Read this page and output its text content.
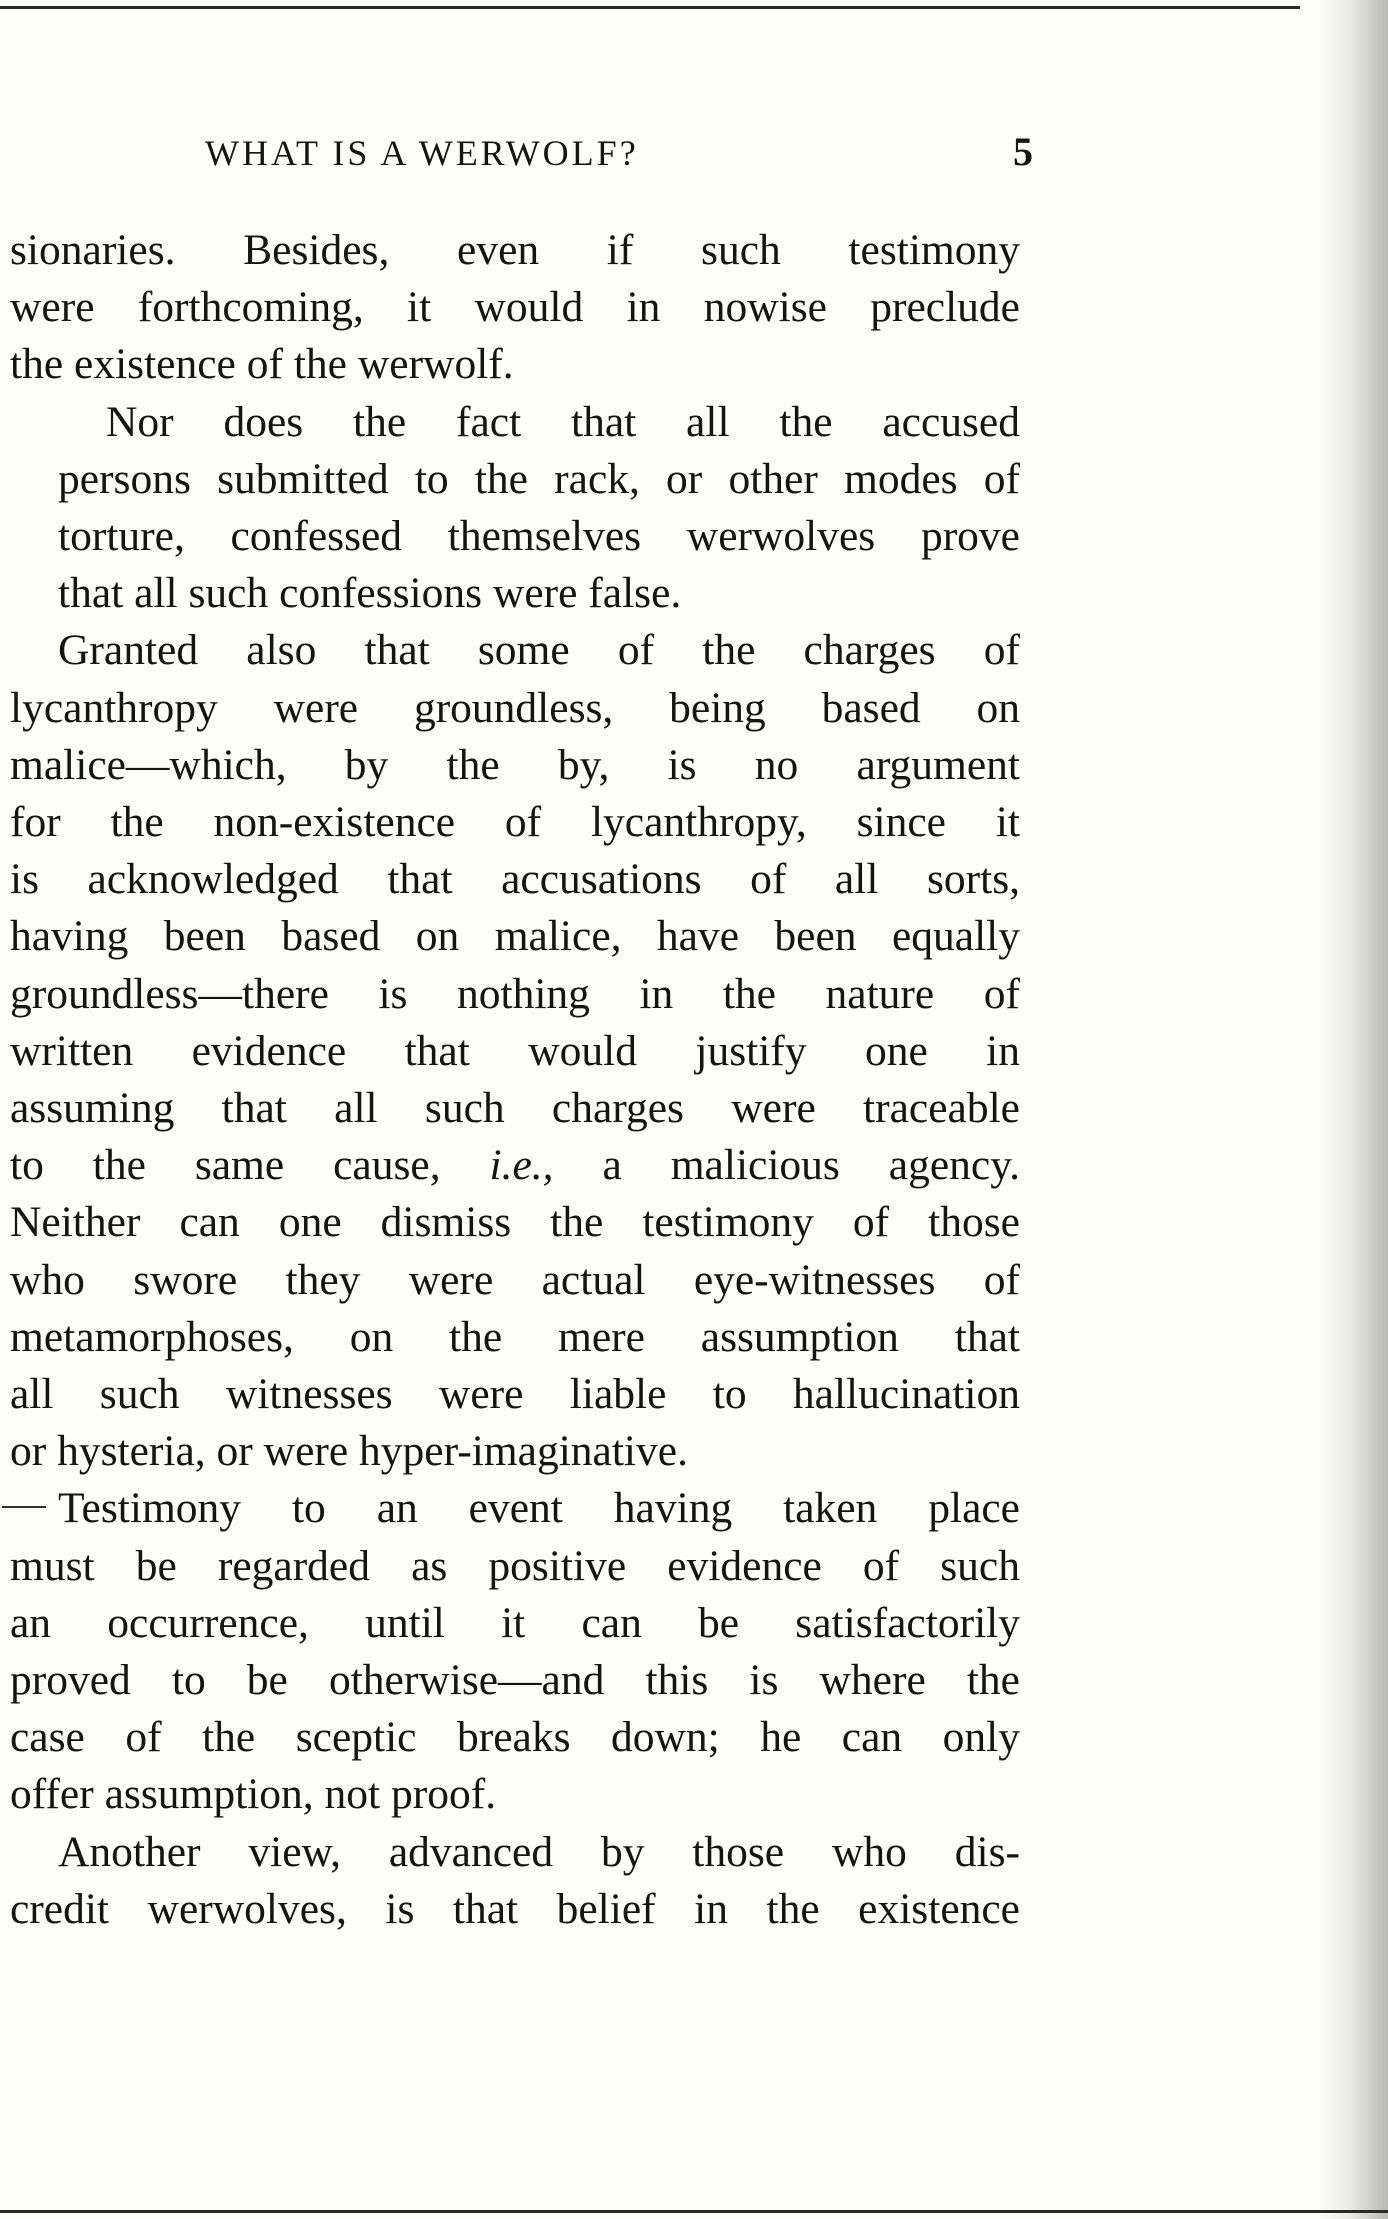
WHAT IS A WERWOLF?	5

sionaries. Besides, even if such testimony
were forthcoming, it would in nowise preclude
the existence of the werwolf.

Nor does the fact that all the accused
persons submitted to the rack, or other modes of
torture, confessed themselves werwolves prove
that all such confessions were false.

Granted also that some of the charges of
lycanthropy were groundless, being based on
malice—which, by the by, is no argument
for the non-existence of lycanthropy, since it
is acknowledged that accusations of all sorts,
having been based on malice, have been equally
groundless—there is nothing in the nature of
written evidence that would justify one in
assuming that all such charges were traceable
to the same cause, i.e., a malicious agency.
Neither can one dismiss the testimony of those
who swore they were actual eye-witnesses of
metamorphoses, on the mere assumption that
all such witnesses were liable to hallucination
or hysteria, or were hyper-imaginative.

Testimony to an event having taken place
must be regarded as positive evidence of such
an occurrence, until it can be satisfactorily
proved to be otherwise—and this is where the
case of the sceptic breaks down; he can only
offer assumption, not proof.

Another view, advanced by those who dis-
credit werwolves, is that belief in the existence
